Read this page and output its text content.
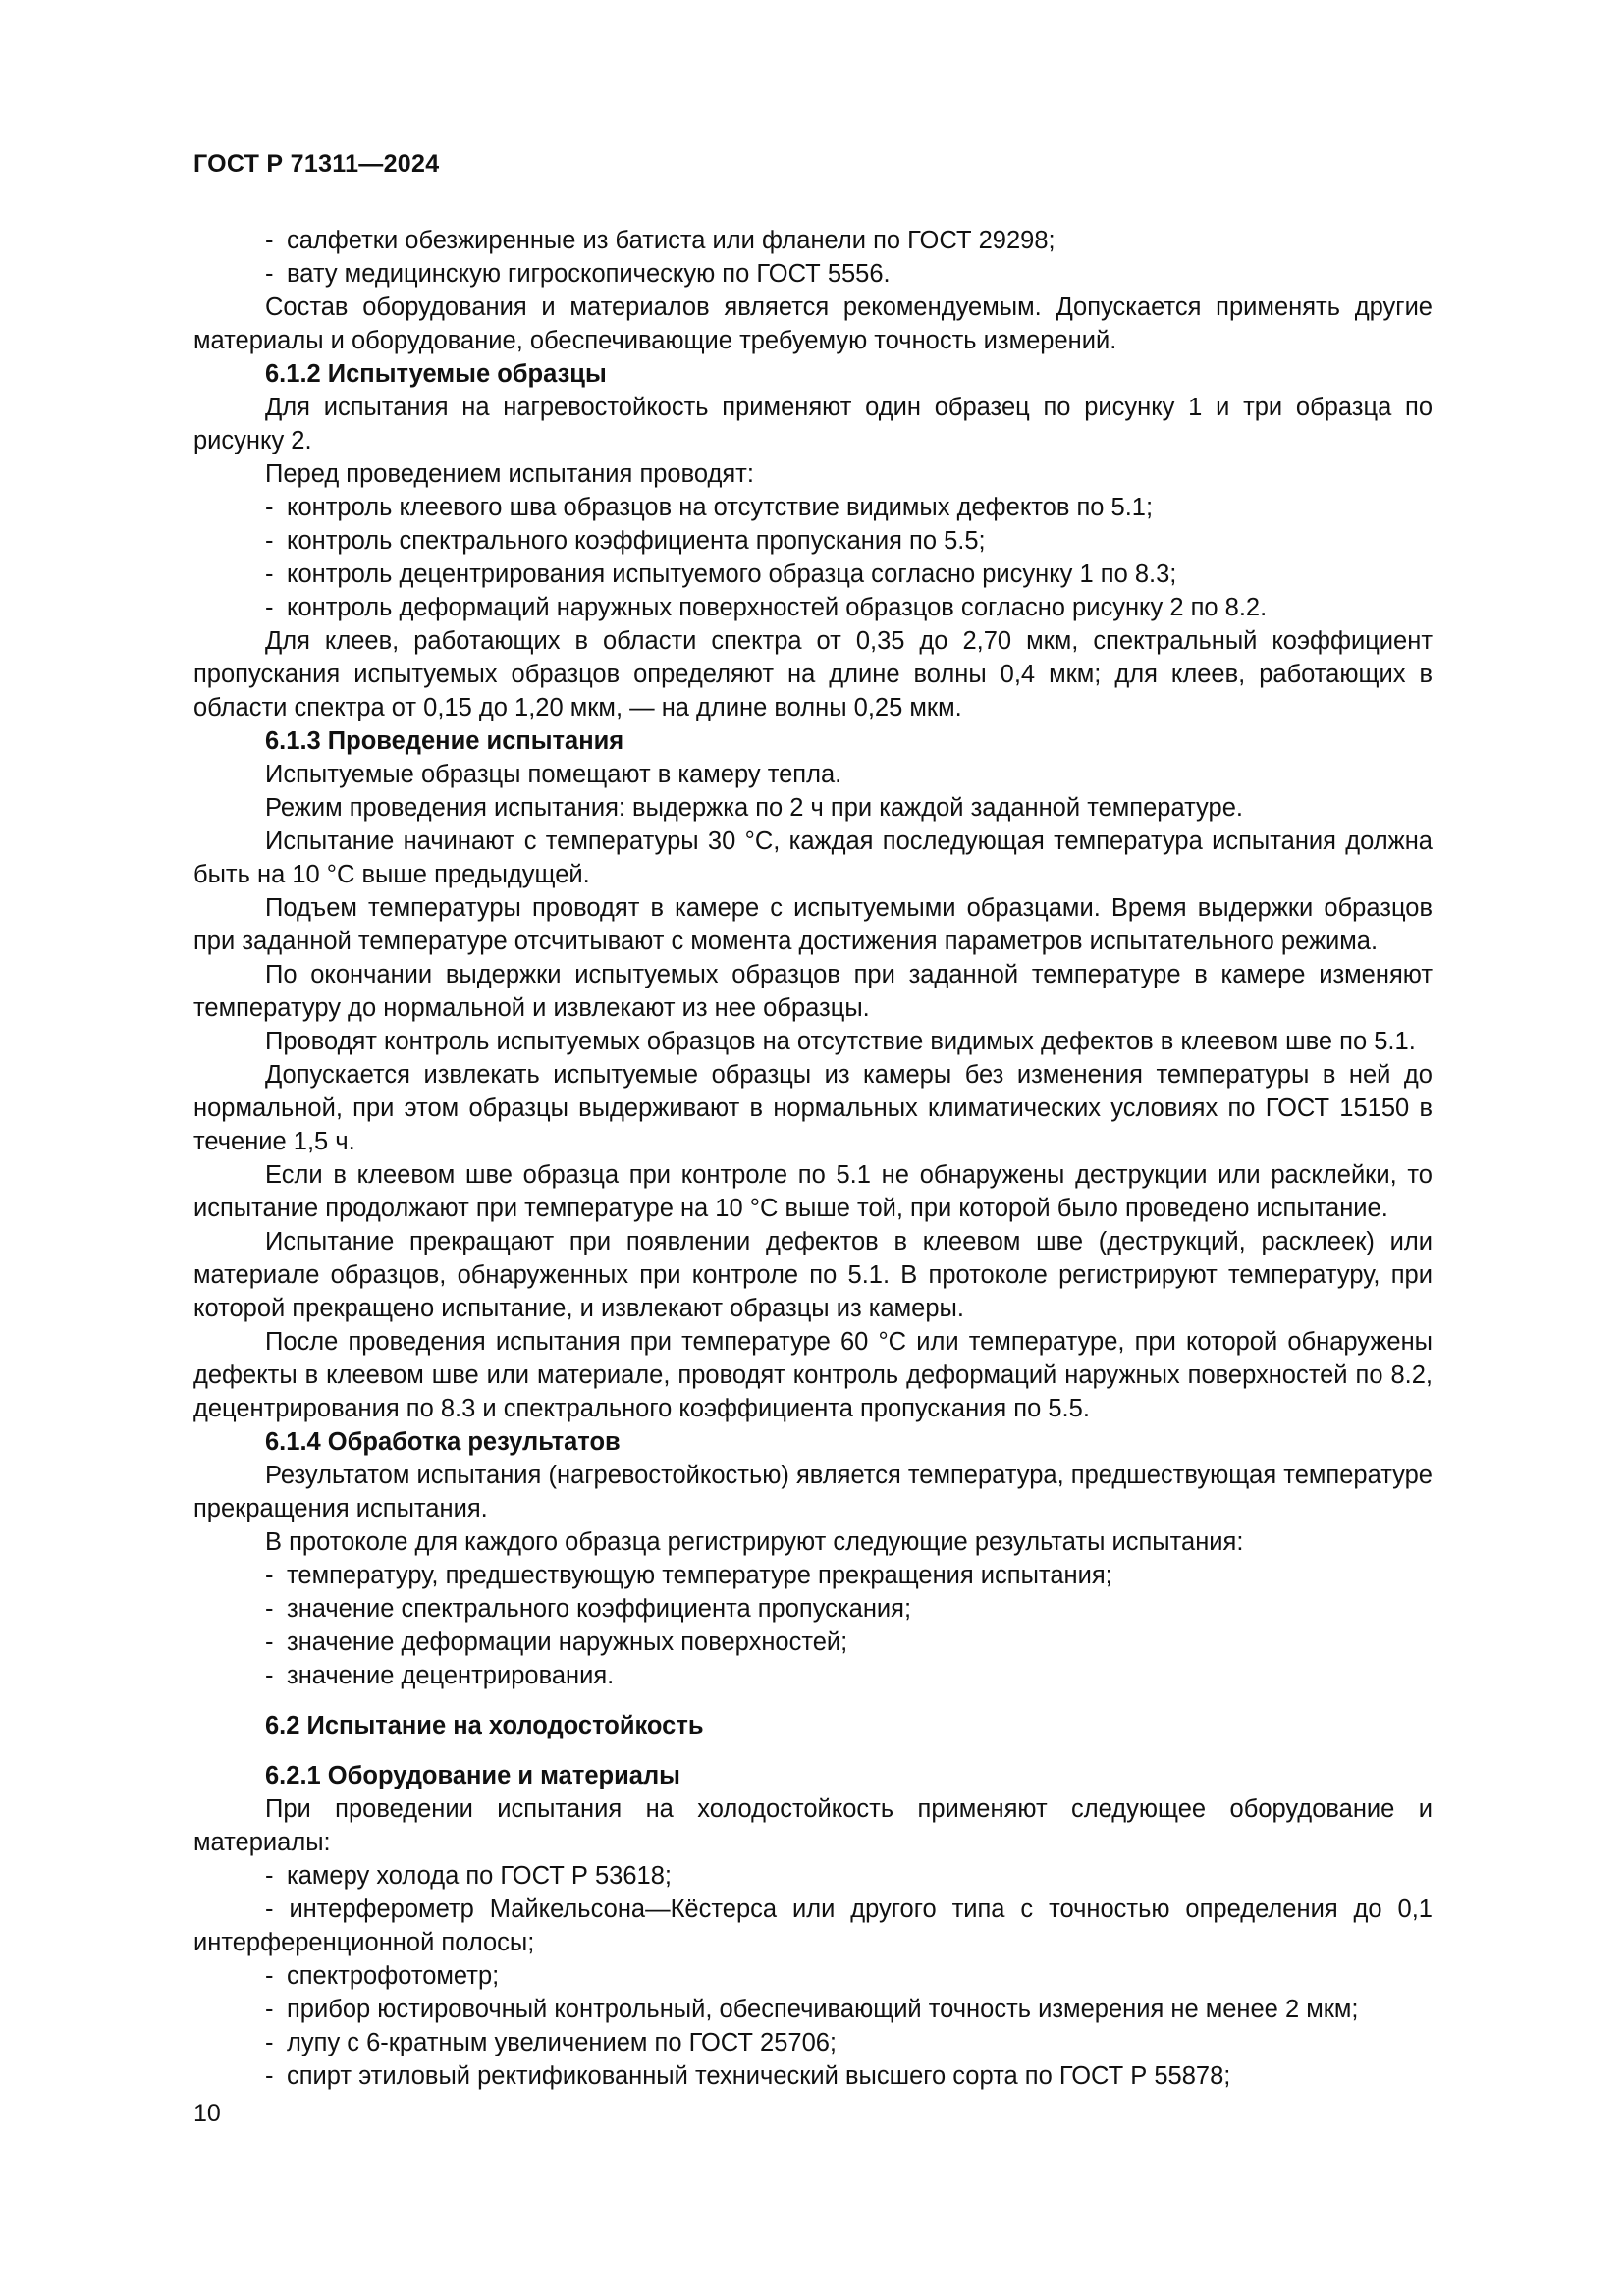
ГОСТ Р 71311—2024
- салфетки обезжиренные из батиста или фланели по ГОСТ 29298;
- вату медицинскую гигроскопическую по ГОСТ 5556.

Состав оборудования и материалов является рекомендуемым. Допускается применять другие материалы и оборудование, обеспечивающие требуемую точность измерений.

6.1.2 Испытуемые образцы

Для испытания на нагревостойкость применяют один образец по рисунку 1 и три образца по рисунку 2.

Перед проведением испытания проводят:

- контроль клеевого шва образцов на отсутствие видимых дефектов по 5.1;
- контроль спектрального коэффициента пропускания по 5.5;
- контроль децентрирования испытуемого образца согласно рисунку 1 по 8.3;
- контроль деформаций наружных поверхностей образцов согласно рисунку 2 по 8.2.

Для клеев, работающих в области спектра от 0,35 до 2,70 мкм, спектральный коэффициент пропускания испытуемых образцов определяют на длине волны 0,4 мкм; для клеев, работающих в области спектра от 0,15 до 1,20 мкм, — на длине волны 0,25 мкм.

6.1.3 Проведение испытания

Испытуемые образцы помещают в камеру тепла.

Режим проведения испытания: выдержка по 2 ч при каждой заданной температуре.

Испытание начинают с температуры 30 °С, каждая последующая температура испытания должна быть на 10 °С выше предыдущей.

Подъем температуры проводят в камере с испытуемыми образцами. Время выдержки образцов при заданной температуре отсчитывают с момента достижения параметров испытательного режима.

По окончании выдержки испытуемых образцов при заданной температуре в камере изменяют температуру до нормальной и извлекают из нее образцы.

Проводят контроль испытуемых образцов на отсутствие видимых дефектов в клеевом шве по 5.1.

Допускается извлекать испытуемые образцы из камеры без изменения температуры в ней до нормальной, при этом образцы выдерживают в нормальных климатических условиях по ГОСТ 15150 в течение 1,5 ч.

Если в клеевом шве образца при контроле по 5.1 не обнаружены деструкции или расклейки, то испытание продолжают при температуре на 10 °С выше той, при которой было проведено испытание.

Испытание прекращают при появлении дефектов в клеевом шве (деструкций, расклеек) или материале образцов, обнаруженных при контроле по 5.1. В протоколе регистрируют температуру, при которой прекращено испытание, и извлекают образцы из камеры.

После проведения испытания при температуре 60 °С или температуре, при которой обнаружены дефекты в клеевом шве или материале, проводят контроль деформаций наружных поверхностей по 8.2, децентрирования по 8.3 и спектрального коэффициента пропускания по 5.5.

6.1.4 Обработка результатов

Результатом испытания (нагревостойкостью) является температура, предшествующая температуре прекращения испытания.

В протоколе для каждого образца регистрируют следующие результаты испытания:

- температуру, предшествующую температуре прекращения испытания;
- значение спектрального коэффициента пропускания;
- значение деформации наружных поверхностей;
- значение децентрирования.
6.2 Испытание на холодостойкость
6.2.1 Оборудование и материалы

При проведении испытания на холодостойкость применяют следующее оборудование и материалы:

- камеру холода по ГОСТ Р 53618;

- интерферометр Майкельсона—Кёстерса или другого типа с точностью определения до 0,1 интерференционной полосы;

- спектрофотометр;
- прибор юстировочный контрольный, обеспечивающий точность измерения не менее 2 мкм;
- лупу с 6-кратным увеличением по ГОСТ 25706;
- спирт этиловый ректификованный технический высшего сорта по ГОСТ Р 55878;
10
